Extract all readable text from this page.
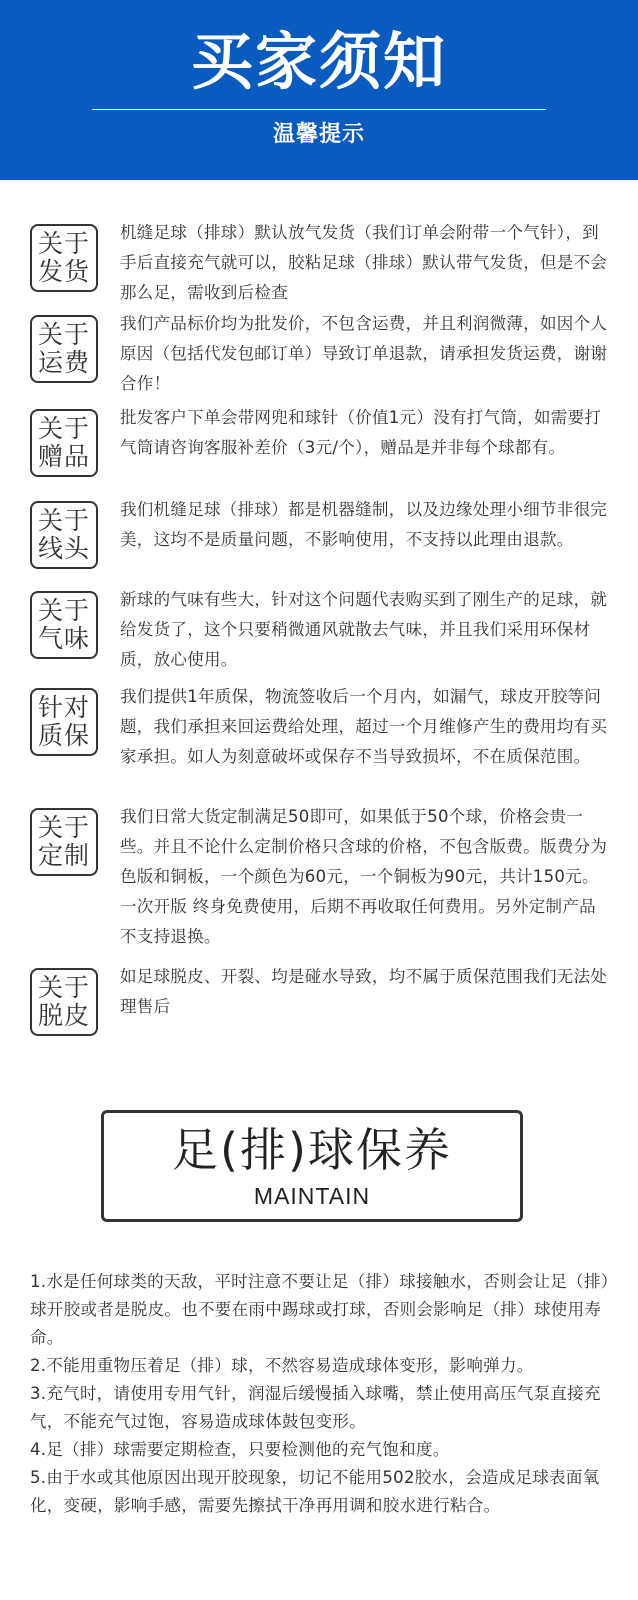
买家须知
温馨提示
关于发货
机缝足球（排球）默认放气发货（我们订单会附带一个气针），到手后直接充气就可以，胶粘足球（排球）默认带气发货，但是不会那么足，需收到后检查
关于运费
我们产品标价均为批发价，不包含运费，并且利润微薄，如因个人原因（包括代发包邮订单）导致订单退款，请承担发货运费，谢谢合作！
关于赠品
批发客户下单会带网兜和球针（价值1元）没有打气筒，如需要打气筒请咨询客服补差价（3元/个），赠品是并非每个球都有。
关于线头
我们机缝足球（排球）都是机器缝制，以及边缘处理小细节非很完美，这均不是质量问题，不影响使用，不支持以此理由退款。
关于气味
新球的气味有些大，针对这个问题代表购买到了刚生产的足球，就给发货了，这个只要稍微通风就散去气味，并且我们采用环保材质，放心使用。
针对质保
我们提供1年质保，物流签收后一个月内，如漏气，球皮开胶等问题，我们承担来回运费给处理，超过一个月维修产生的费用均有买家承担。如人为刻意破坏或保存不当导致损坏，不在质保范围。
关于定制
我们日常大货定制满足50即可，如果低于50个球，价格会贵一些。并且不论什么定制价格只含球的价格，不包含版费。版费分为色版和铜板，一个颜色为60元，一个铜板为90元，共计150元。一次开版 终身免费使用，后期不再收取任何费用。另外定制产品不支持退换。
关于脱皮
如足球脱皮、开裂、均是碰水导致，均不属于质保范围我们无法处理售后
足(排)球保养
MAINTAIN
1.水是任何球类的天敌，平时注意不要让足（排）球接触水，否则会让足（排）球开胶或者是脱皮。也不要在雨中踢球或打球，否则会影响足（排）球使用寿命。
2.不能用重物压着足（排）球，不然容易造成球体变形，影响弹力。
3.充气时，请使用专用气针，润湿后缓慢插入球嘴，禁止使用高压气泵直接充气，不能充气过饱，容易造成球体鼓包变形。
4.足（排）球需要定期检查，只要检测他的充气饱和度。
5.由于水或其他原因出现开胶现象，切记不能用502胶水，会造成足球表面氧化，变硬，影响手感，需要先擦拭干净再用调和胶水进行粘合。
